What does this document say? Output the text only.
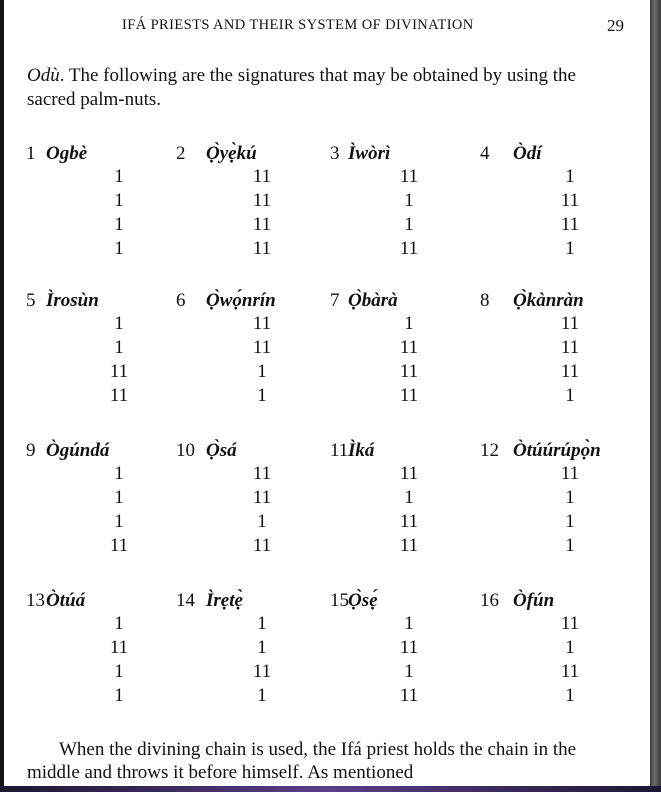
IFÁ PRIESTS AND THEIR SYSTEM OF DIVINATION	29

Odù. The following are the signatures that may be obtained by using the sacred palm-nuts.

1 Ogbè
1
1
1
1
2 Ọ̀yẹ̀kú
11
11
11
11
3 Ìwòrì
11
1
1
11
4 Òdí
1
11
11
1
5 Ìrosùn
1
1
11
11
6 Ọ̀wọ́nrín
11
11
1
1
7 Ọ̀bàrà
1
11
11
11
8 Ọ̀kànràn
11
11
11
1
9 Ògúndá
1
1
1
11
10 Ọ̀sá
11
11
1
11
11 Ìká
11
1
11
11
12 Òtúúrúpọ̀n
11
1
1
1
13 Òtúá
1
11
1
1
14 Ìrẹtẹ̀
1
1
11
1
15 Ọ̀sẹ́
1
11
1
11
16 Òfún
11
1
11
1

When the divining chain is used, the Ifá priest holds the chain in the middle and throws it before himself. As mentioned
